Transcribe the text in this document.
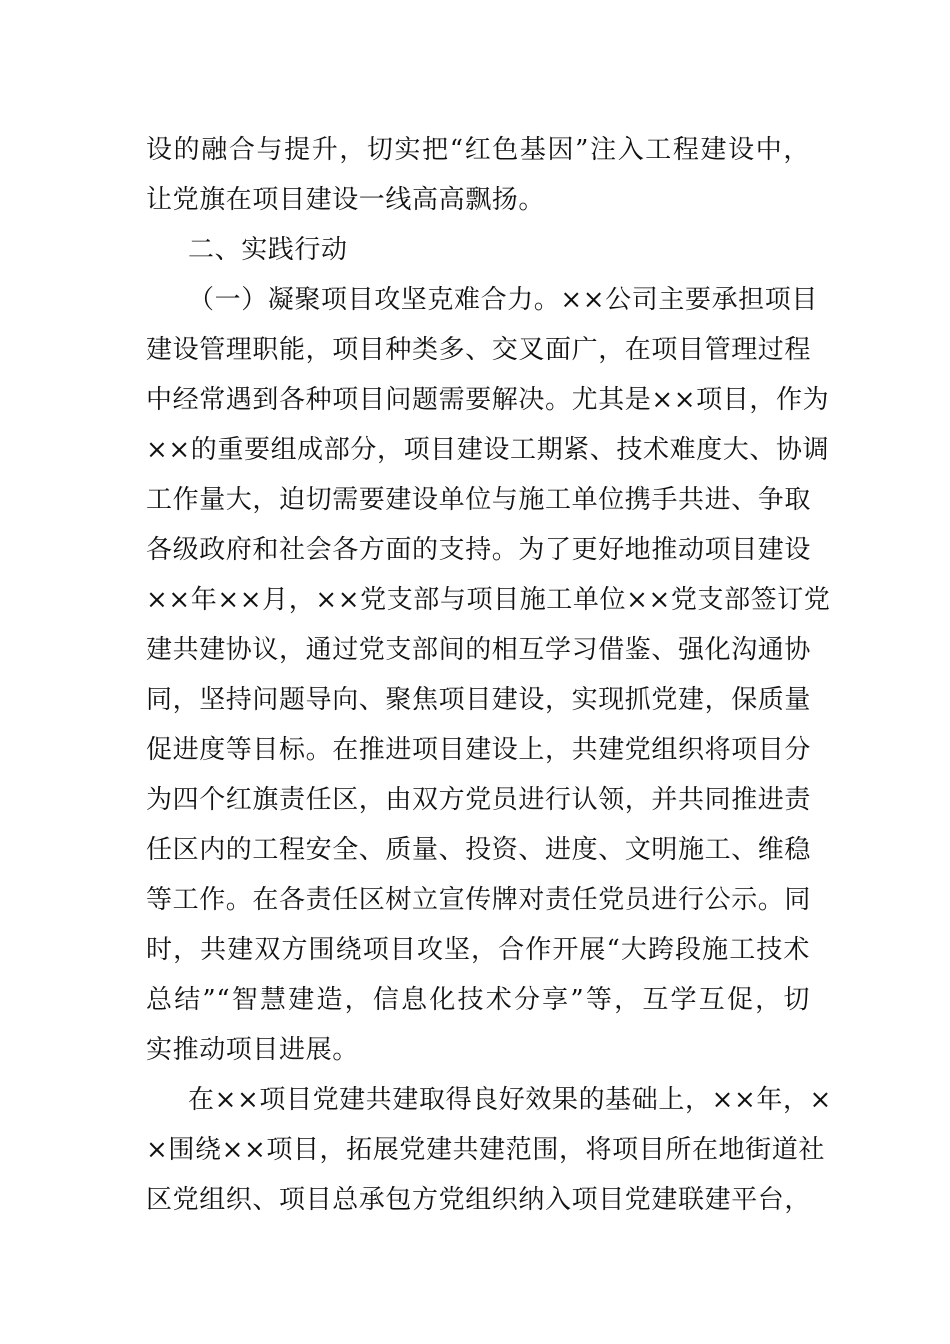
设的融合与提升，切实把“红色基因”注入工程建设中，
让党旗在项目建设一线高高飘扬。
二、实践行动
（一）凝聚项目攻坚克难合力。××公司主要承担项目
建设管理职能，项目种类多、交叉面广，在项目管理过程
中经常遇到各种项目问题需要解决。尤其是××项目，作为
××的重要组成部分，项目建设工期紧、技术难度大、协调
工作量大，迫切需要建设单位与施工单位携手共进、争取
各级政府和社会各方面的支持。为了更好地推动项目建设
××年××月，××党支部与项目施工单位××党支部签订党
建共建协议，通过党支部间的相互学习借鉴、强化沟通协
同，坚持问题导向、聚焦项目建设，实现抓党建，保质量
促进度等目标。在推进项目建设上，共建党组织将项目分
为四个红旗责任区，由双方党员进行认领，并共同推进责
任区内的工程安全、质量、投资、进度、文明施工、维稳
等工作。在各责任区树立宣传牌对责任党员进行公示。同
时，共建双方围绕项目攻坚，合作开展“大跨段施工技术
总结”“智慧建造，信息化技术分享”等，互学互促，切
实推动项目进展。
在××项目党建共建取得良好效果的基础上，××年，×
×围绕××项目，拓展党建共建范围，将项目所在地街道社
区党组织、项目总承包方党组织纳入项目党建联建平台，
